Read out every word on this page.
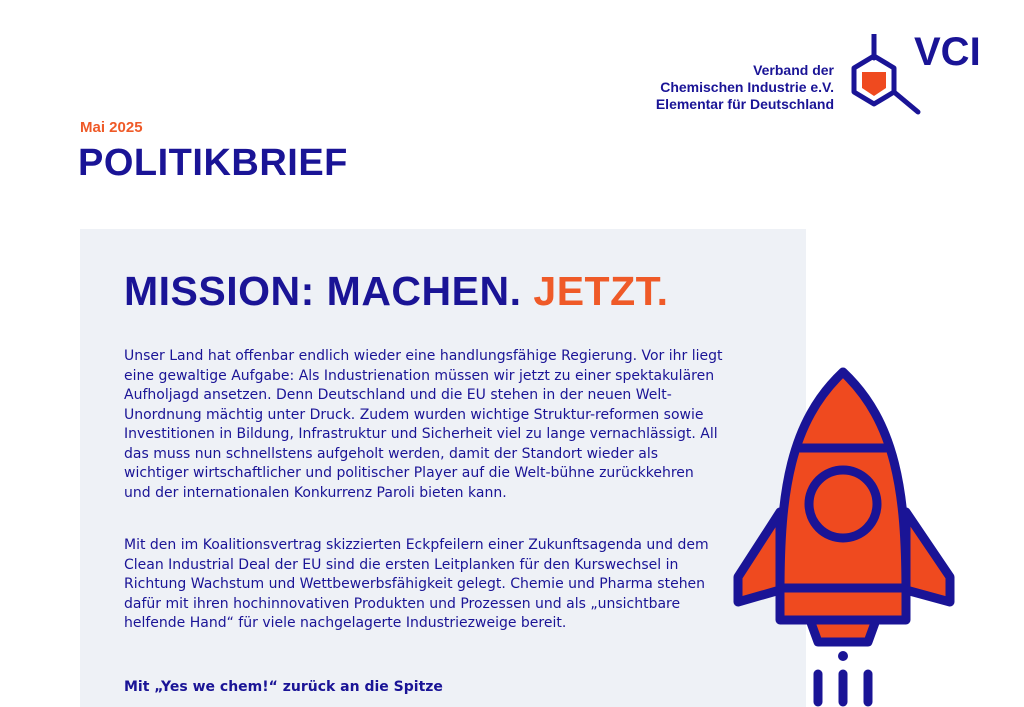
Mai 2025
POLITIKBRIEF
Verband der
Chemischen Industrie e.V.
Elementar für Deutschland
VCI
MISSION: MACHEN. JETZT.

Unser Land hat offenbar endlich wieder eine handlungsfähige Regierung. Vor ihr liegt eine gewaltige Aufgabe: Als Industrienation müssen wir jetzt zu einer spektakulären Aufholjagd ansetzen. Denn Deutschland und die EU stehen in der neuen Welt-Unordnung mächtig unter Druck. Zudem wurden wichtige Struktur-reformen sowie Investitionen in Bildung, Infrastruktur und Sicherheit viel zu lange vernachlässigt. All das muss nun schnellstens aufgeholt werden, damit der Standort wieder als wichtiger wirtschaftlicher und politischer Player auf die Welt-bühne zurückkehren und der internationalen Konkurrenz Paroli bieten kann.

Mit den im Koalitionsvertrag skizzierten Eckpfeilern einer Zukunftsagenda und dem Clean Industrial Deal der EU sind die ersten Leitplanken für den Kurswechsel in Richtung Wachstum und Wettbewerbsfähigkeit gelegt. Chemie und Pharma stehen dafür mit ihren hochinnovativen Produkten und Prozessen und als „unsichtbare helfende Hand“ für viele nachgelagerte Industriezweige bereit.

Mit „Yes we chem!“ zurück an die Spitze
